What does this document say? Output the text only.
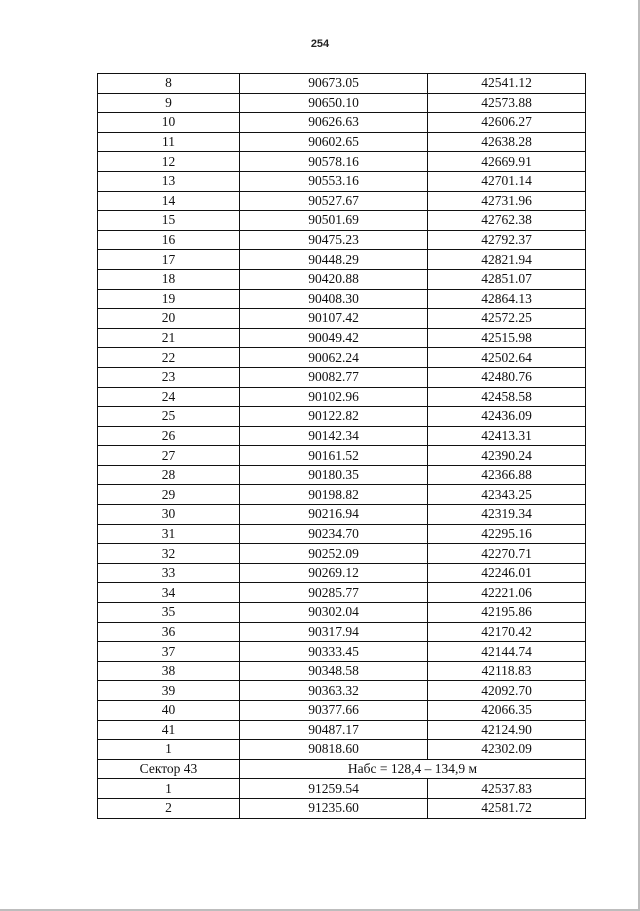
254
8	90673.05	42541.12
9	90650.10	42573.88
10	90626.63	42606.27
11	90602.65	42638.28
12	90578.16	42669.91
13	90553.16	42701.14
14	90527.67	42731.96
15	90501.69	42762.38
16	90475.23	42792.37
17	90448.29	42821.94
18	90420.88	42851.07
19	90408.30	42864.13
20	90107.42	42572.25
21	90049.42	42515.98
22	90062.24	42502.64
23	90082.77	42480.76
24	90102.96	42458.58
25	90122.82	42436.09
26	90142.34	42413.31
27	90161.52	42390.24
28	90180.35	42366.88
29	90198.82	42343.25
30	90216.94	42319.34
31	90234.70	42295.16
32	90252.09	42270.71
33	90269.12	42246.01
34	90285.77	42221.06
35	90302.04	42195.86
36	90317.94	42170.42
37	90333.45	42144.74
38	90348.58	42118.83
39	90363.32	42092.70
40	90377.66	42066.35
41	90487.17	42124.90
1	90818.60	42302.09
Сектор 43	Набс = 128,4 – 134,9 м	
1	91259.54	42537.83
2	91235.60	42581.72
